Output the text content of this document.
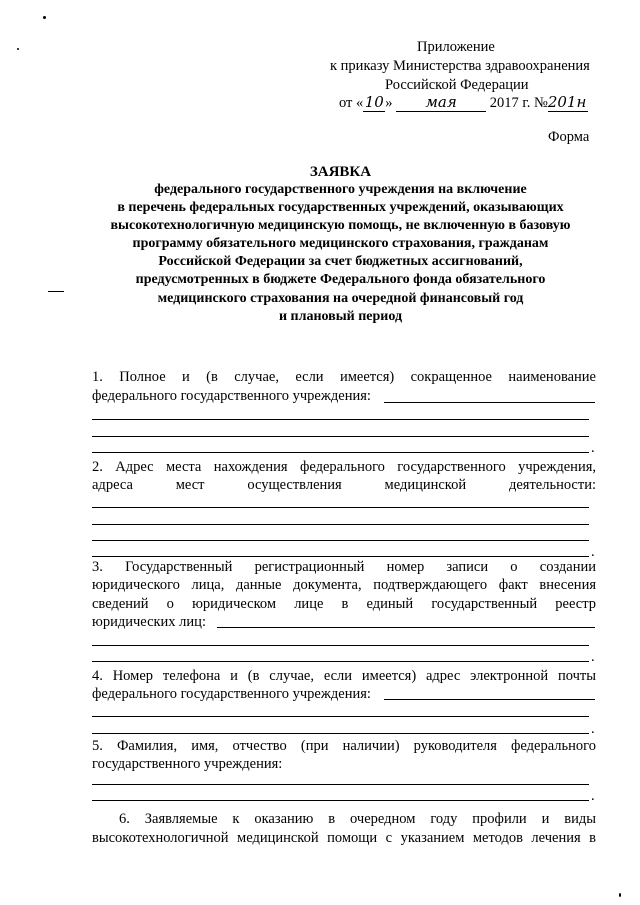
Приложение
к приказу Министерства здравоохранения
Российской Федерации
от «10» мая 2017 г. №201н
Форма
ЗАЯВКА
федерального государственного учреждения на включение
в перечень федеральных государственных учреждений, оказывающих
высокотехнологичную медицинскую помощь, не включенную в базовую
программу обязательного медицинского страхования, гражданам
Российской Федерации за счет бюджетных ассигнований,
предусмотренных в бюджете Федерального фонда обязательного
медицинского страхования на очередной финансовый год
и плановый период
1. Полное и (в случае, если имеется) сокращенное наименование
федерального государственного учреждения:
.
2. Адрес места нахождения федерального государственного учреждения,
адреса мест осуществления медицинской деятельности:
.
3. Государственный регистрационный номер записи о создании
юридического лица, данные документа, подтверждающего факт внесения
сведений о юридическом лице в единый государственный реестр
юридических лиц:
.
4. Номер телефона и (в случае, если имеется) адрес электронной почты
федерального государственного учреждения:
.
5. Фамилия, имя, отчество (при наличии) руководителя федерального
государственного учреждения:
.
6. Заявляемые к оказанию в очередном году профили и виды
высокотехнологичной медицинской помощи с указанием методов лечения в
